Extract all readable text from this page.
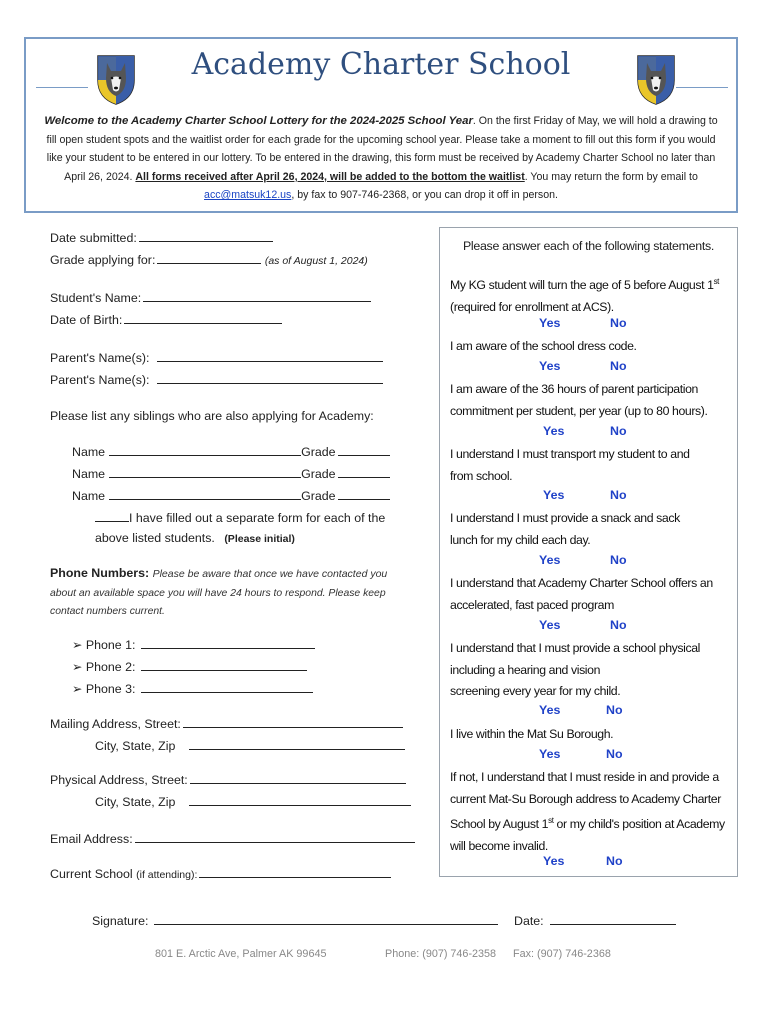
Academy Charter School
Welcome to the Academy Charter School Lottery for the 2024-2025 School Year. On the first Friday of May, we will hold a drawing to fill open student spots and the waitlist order for each grade for the upcoming school year. Please take a moment to fill out this form if you would like your student to be entered in our lottery. To be entered in the drawing, this form must be received by Academy Charter School no later than April 26, 2024. All forms received after April 26, 2024, will be added to the bottom the waitlist. You may return the form by email to acc@matsuk12.us, by fax to 907-746-2368, or you can drop it off in person.
Date submitted:
Grade applying for:	(as of August 1, 2024)
Student's Name:
Date of Birth:
Parent's Name(s):
Parent's Name(s):
Please list any siblings who are also applying for Academy:
Name	Grade
Name	Grade
Name	Grade
I have filled out a separate form for each of the
above listed students. (Please initial)
Phone Numbers: Please be aware that once we have contacted you
about an available space you will have 24 hours to respond. Please keep
contact numbers current.
➢ Phone 1:
➢ Phone 2:
➢ Phone 3:
Mailing Address, Street:
City, State, Zip
Physical Address, Street:
City, State, Zip
Email Address:
Current School (if attending):
Signature:	Date:
Please answer each of the following statements.
My KG student will turn the age of 5 before August 1st
(required for enrollment at ACS).
Yes	No
I am aware of the school dress code.
Yes	No
I am aware of the 36 hours of parent participation
commitment per student, per year (up to 80 hours).
Yes	No
I understand I must transport my student to and
from school.
Yes	No
I understand I must provide a snack and sack
lunch for my child each day.
Yes	No
I understand that Academy Charter School offers an
accelerated, fast paced program
Yes	No
I understand that I must provide a school physical
including a hearing and vision
screening every year for my child.
Yes	No
I live within the Mat Su Borough.
Yes	No
If not, I understand that I must reside in and provide a
current Mat-Su Borough address to Academy Charter
School by August 1st or my child's position at Academy
will become invalid.
Yes	No
801 E. Arctic Ave, Palmer AK 99645	Phone: (907) 746-2358 Fax: (907) 746-2368
